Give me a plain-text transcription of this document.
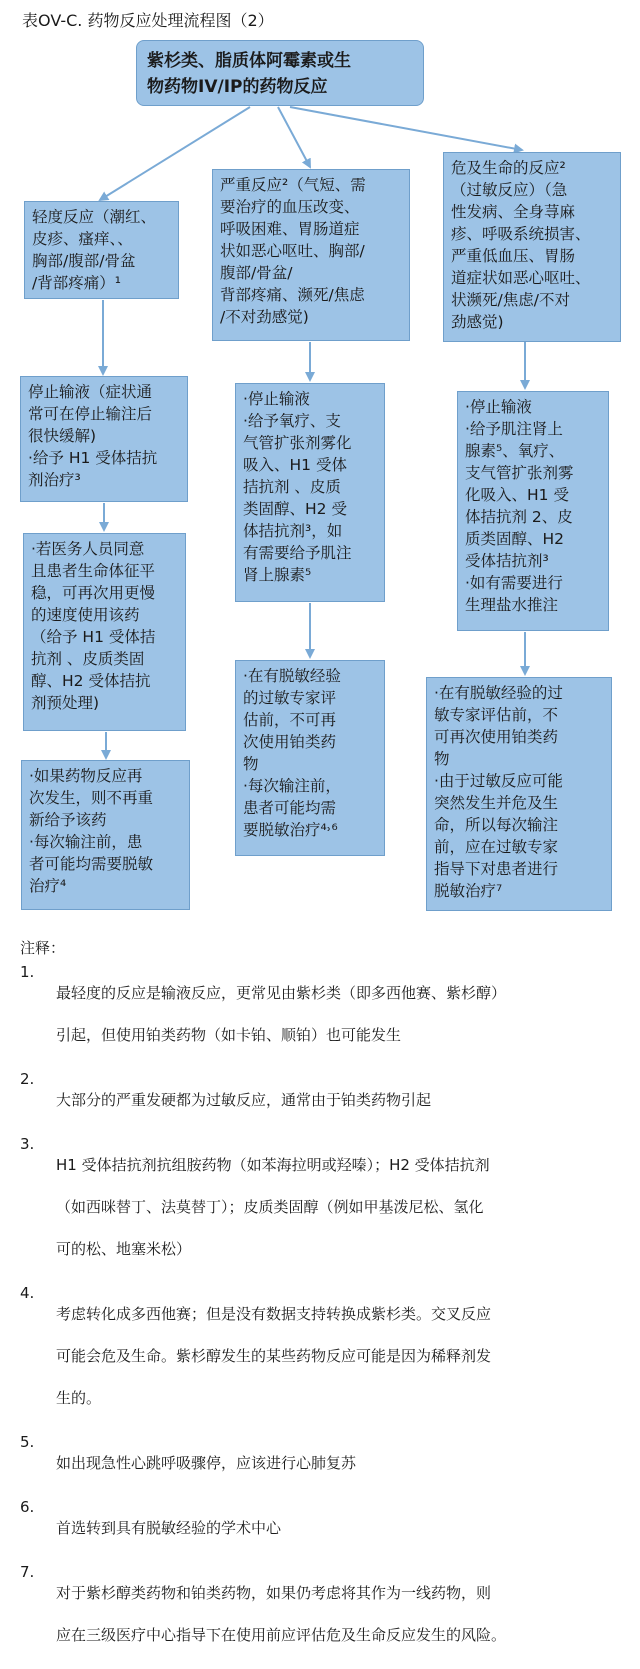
表OV-C. 药物反应处理流程图（2）
紫杉类、脂质体阿霉素或生
物药物IV/IP的药物反应
轻度反应（潮红、
皮疹、瘙痒、、
胸部/腹部/骨盆
/背部疼痛）¹
停止输液（症状通
常可在停止输注后
很快缓解)
·给予 H1 受体拮抗
剂治疗³
·若医务人员同意
且患者生命体征平
稳，可再次用更慢
的速度使用该药
（给予 H1 受体拮
抗剂 、皮质类固
醇、H2 受体拮抗
剂预处理)
·如果药物反应再
次发生，则不再重
新给予该药
·每次输注前，患
者可能均需要脱敏
治疗⁴
严重反应²（气短、需
要治疗的血压改变、
呼吸困难、胃肠道症
状如恶心呕吐、胸部/
腹部/骨盆/
背部疼痛、濒死/焦虑
/不对劲感觉)
·停止输液
·给予氧疗、支
气管扩张剂雾化
吸入、H1 受体
拮抗剂 、皮质
类固醇、H2 受
体拮抗剂³，如
有需要给予肌注
肾上腺素⁵
·在有脱敏经验
的过敏专家评
估前，不可再
次使用铂类药
物
·每次输注前，
患者可能均需
要脱敏治疗⁴˒⁶
危及生命的反应²
（过敏反应）（急
性发病、全身荨麻
疹、呼吸系统损害、
严重低血压、胃肠
道症状如恶心呕吐、
状濒死/焦虑/不对
劲感觉)
·停止输液
·给予肌注肾上
腺素⁵、氧疗、
支气管扩张剂雾
化吸入、H1 受
体拮抗剂 2、皮
质类固醇、H2
受体拮抗剂³
·如有需要进行
生理盐水推注
·在有脱敏经验的过
敏专家评估前，不
可再次使用铂类药
物
·由于过敏反应可能
突然发生并危及生
命，所以每次输注
前，应在过敏专家
指导下对患者进行
脱敏治疗⁷
注释：
1.

最轻度的反应是输液反应，更常见由紫杉类（即多西他赛、紫杉醇）

引起，但使用铂类药物（如卡铂、顺铂）也可能发生

2.

大部分的严重发硬都为过敏反应，通常由于铂类药物引起

3.

H1 受体拮抗剂抗组胺药物（如苯海拉明或羟嗪）；H2 受体拮抗剂

（如西咪替丁、法莫替丁）；皮质类固醇（例如甲基泼尼松、氢化

可的松、地塞米松）

4.

考虑转化成多西他赛；但是没有数据支持转换成紫杉类。交叉反应

可能会危及生命。紫杉醇发生的某些药物反应可能是因为稀释剂发

生的。

5.

如出现急性心跳呼吸骤停，应该进行心肺复苏

6.

首选转到具有脱敏经验的学术中心

7.

对于紫杉醇类药物和铂类药物，如果仍考虑将其作为一线药物，则

应在三级医疗中心指导下在使用前应评估危及生命反应发生的风险。
